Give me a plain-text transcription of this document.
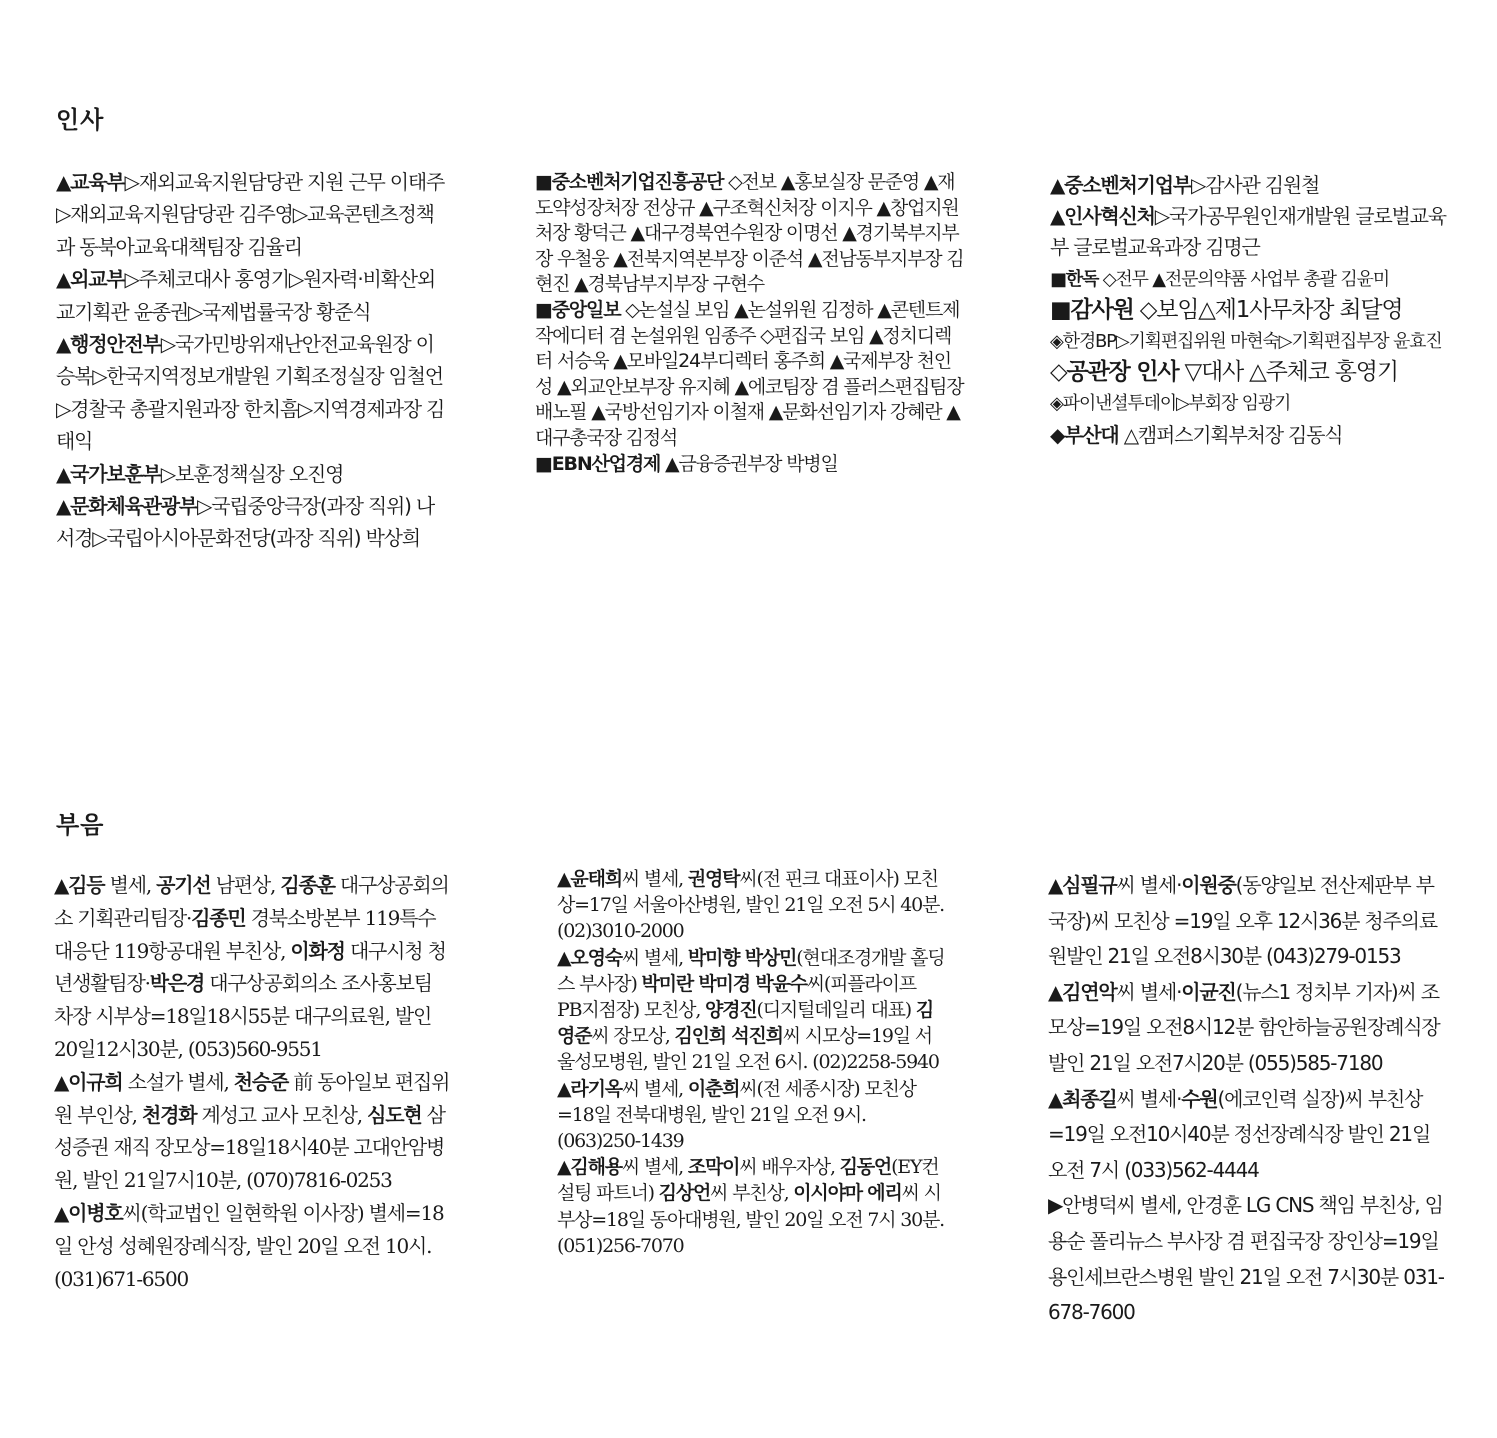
인사

▲교육부▷재외교육지원담당관 지원 근무 이태주▷재외교육지원담당관 김주영▷교육콘텐츠정책과 동북아교육대책팀장 김율리

▲외교부▷주체코대사 홍영기▷원자력·비확산외교기획관 윤종권▷국제법률국장 황준식

▲행정안전부▷국가민방위재난안전교육원장 이승복▷한국지역정보개발원 기획조정실장 임철언▷경찰국 총괄지원과장 한치흠▷지역경제과장 김태익

▲국가보훈부▷보훈정책실장 오진영

▲문화체육관광부▷국립중앙극장(과장 직위) 나서경▷국립아시아문화전당(과장 직위) 박상희

■중소벤처기업진흥공단 ◇전보 ▲홍보실장 문준영 ▲재도약성장처장 전상규 ▲구조혁신처장 이지우 ▲창업지원처장 황덕근 ▲대구경북연수원장 이명선 ▲경기북부지부장 우철웅 ▲전북지역본부장 이준석 ▲전남동부지부장 김현진 ▲경북남부지부장 구현수

■중앙일보 ◇논설실 보임 ▲논설위원 김정하 ▲콘텐트제작에디터 겸 논설위원 임종주 ◇편집국 보임 ▲정치디렉터 서승욱 ▲모바일24부디렉터 홍주희 ▲국제부장 천인성 ▲외교안보부장 유지혜 ▲에코팀장 겸 플러스편집팀장 배노필 ▲국방선임기자 이철재 ▲문화선임기자 강혜란 ▲대구총국장 김정석

■EBN산업경제 ▲금융증권부장 박병일

▲중소벤처기업부▷감사관 김원철

▲인사혁신처▷국가공무원인재개발원 글로벌교육부 글로벌교육과장 김명근

■한독 ◇전무 ▲전문의약품 사업부 총괄 김윤미

■감사원 ◇보임△제1사무차장 최달영

◈한경BP▷기획편집위원 마현숙▷기획편집부장 윤효진

◇공관장 인사 ▽대사 △주체코 홍영기

◈파이낸셜투데이▷부회장 임광기

◆부산대 △캠퍼스기획부처장 김동식

부음

▲김등 별세, 공기선 남편상, 김종훈 대구상공회의소 기획관리팀장·김종민 경북소방본부 119특수대응단 119항공대원 부친상, 이화정 대구시청 청년생활팀장·박은경 대구상공회의소 조사홍보팀 차장 시부상=18일18시55분 대구의료원, 발인 20일12시30분, (053)560-9551

▲이규희 소설가 별세, 천승준 前 동아일보 편집위원 부인상, 천경화 계성고 교사 모친상, 심도현 삼성증권 재직 장모상=18일18시40분 고대안암병원, 발인 21일7시10분, (070)7816-0253

▲이병호씨(학교법인 일현학원 이사장) 별세=18일 안성 성혜원장례식장, 발인 20일 오전 10시. (031)671-6500

▲윤태희씨 별세, 권영탁씨(전 핀크 대표이사) 모친상=17일 서울아산병원, 발인 21일 오전 5시 40분. (02)3010-2000

▲오영숙씨 별세, 박미향 박상민(현대조경개발 홀딩스 부사장) 박미란 박미경 박윤수씨(피플라이프 PB지점장) 모친상, 양경진(디지털데일리 대표) 김영준씨 장모상, 김인희 석진희씨 시모상=19일 서울성모병원, 발인 21일 오전 6시. (02)2258-5940

▲라기옥씨 별세, 이춘희씨(전 세종시장) 모친상=18일 전북대병원, 발인 21일 오전 9시. (063)250-1439

▲김해용씨 별세, 조막이씨 배우자상, 김동언(EY컨설팅 파트너) 김상언씨 부친상, 이시야마 에리씨 시부상=18일 동아대병원, 발인 20일 오전 7시 30분. (051)256-7070

▲심필규씨 별세·이원중(동양일보 전산제판부 부국장)씨 모친상 =19일 오후 12시36분 청주의료원발인 21일 오전8시30분 (043)279-0153

▲김연악씨 별세·이균진(뉴스1 정치부 기자)씨 조모상=19일 오전8시12분 함안하늘공원장례식장 발인 21일 오전7시20분 (055)585-7180

▲최종길씨 별세·수원(에코인력 실장)씨 부친상=19일 오전10시40분 정선장례식장 발인 21일 오전 7시 (033)562-4444

▶안병덕씨 별세, 안경훈 LG CNS 책임 부친상, 임용순 폴리뉴스 부사장 겸 편집국장 장인상=19일 용인세브란스병원 발인 21일 오전 7시30분 031-678-7600
